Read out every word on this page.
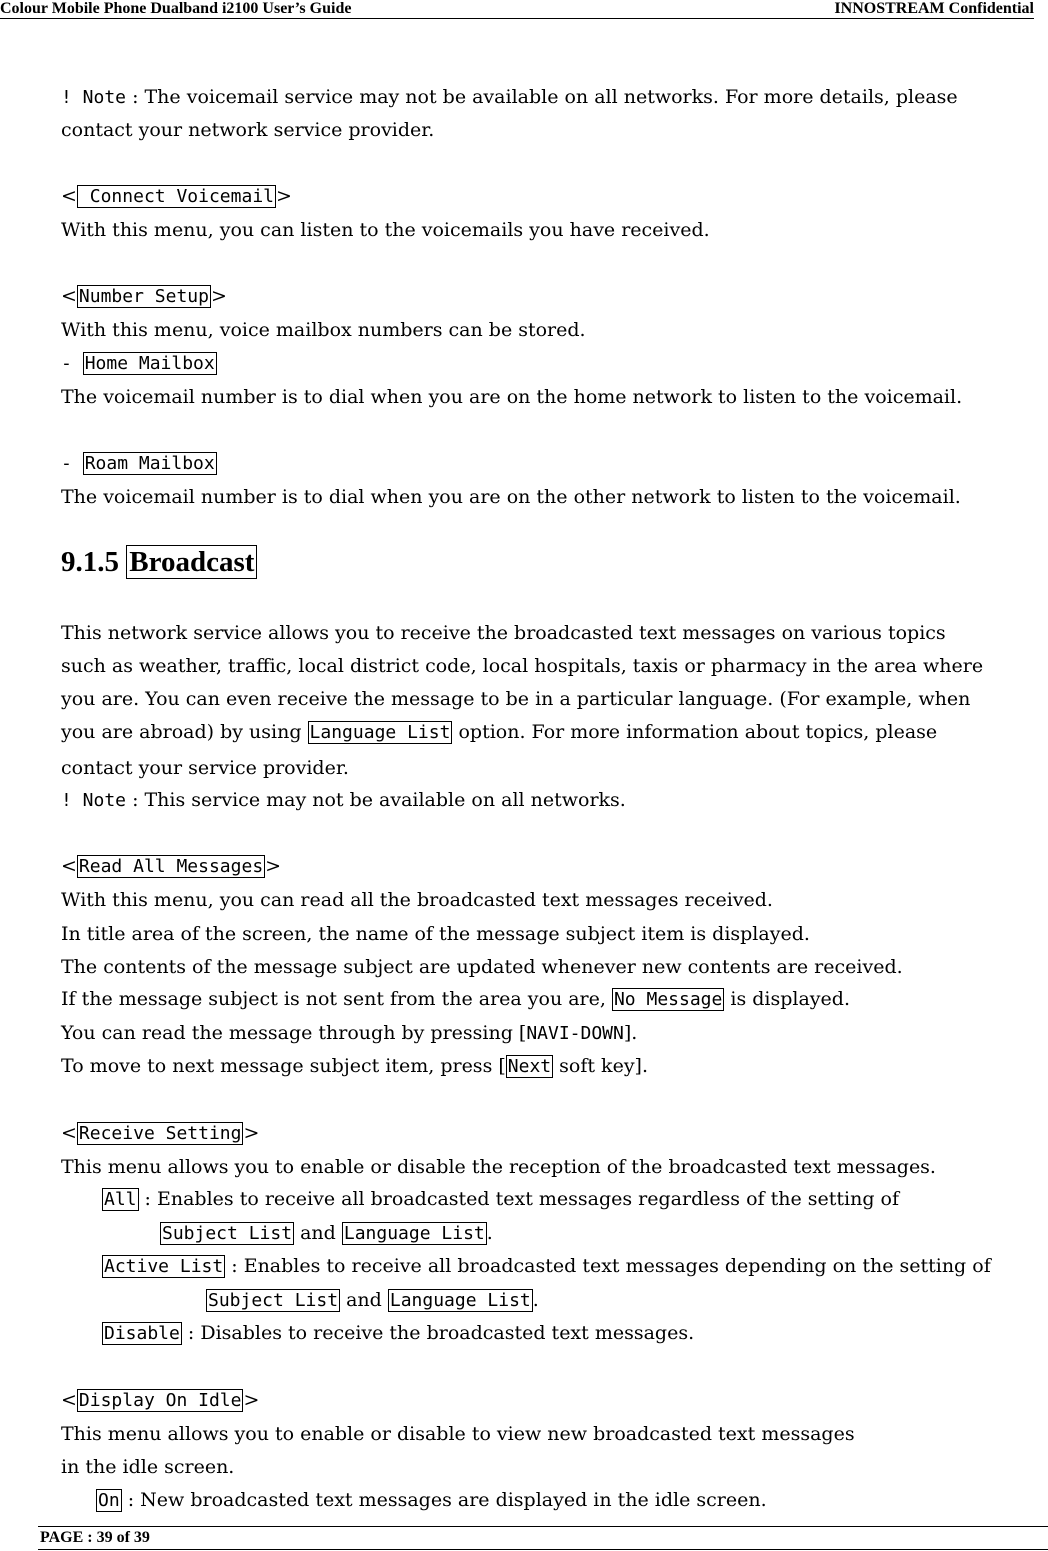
Colour Mobile Phone Dualband i2100 User’s Guide	INNOSTREAM Confidential
! Note : The voicemail service may not be available on all networks. For more details, please
contact your network service provider.
< Connect Voicemail >
With this menu, you can listen to the voicemails you have received.
< Number Setup >
With this menu, voice mailbox numbers can be stored.
- Home Mailbox
The voicemail number is to dial when you are on the home network to listen to the voicemail.
- Roam Mailbox
The voicemail number is to dial when you are on the other network to listen to the voicemail.
9.1.5 Broadcast
This network service allows you to receive the broadcasted text messages on various topics
such as weather, traffic, local district code, local hospitals, taxis or pharmacy in the area where
you are. You can even receive the message to be in a particular language. (For example, when
you are abroad) by using Language List option. For more information about topics, please
contact your service provider.
! Note : This service may not be available on all networks.
< Read All Messages >
With this menu, you can read all the broadcasted text messages received.
In title area of the screen, the name of the message subject item is displayed.
The contents of the message subject are updated whenever new contents are received.
If the message subject is not sent from the area you are, No Message is displayed.
You can read the message through by pressing [NAVI-DOWN].
To move to next message subject item, press [ Next soft key].
< Receive Setting >
This menu allows you to enable or disable the reception of the broadcasted text messages.
All : Enables to receive all broadcasted text messages regardless of the setting of
Subject List and Language List .
Active List : Enables to receive all broadcasted text messages depending on the setting of
Subject List and Language List .
Disable : Disables to receive the broadcasted text messages.
< Display On Idle >
This menu allows you to enable or disable to view new broadcasted text messages
in the idle screen.
On : New broadcasted text messages are displayed in the idle screen.
PAGE : 39 of 39
